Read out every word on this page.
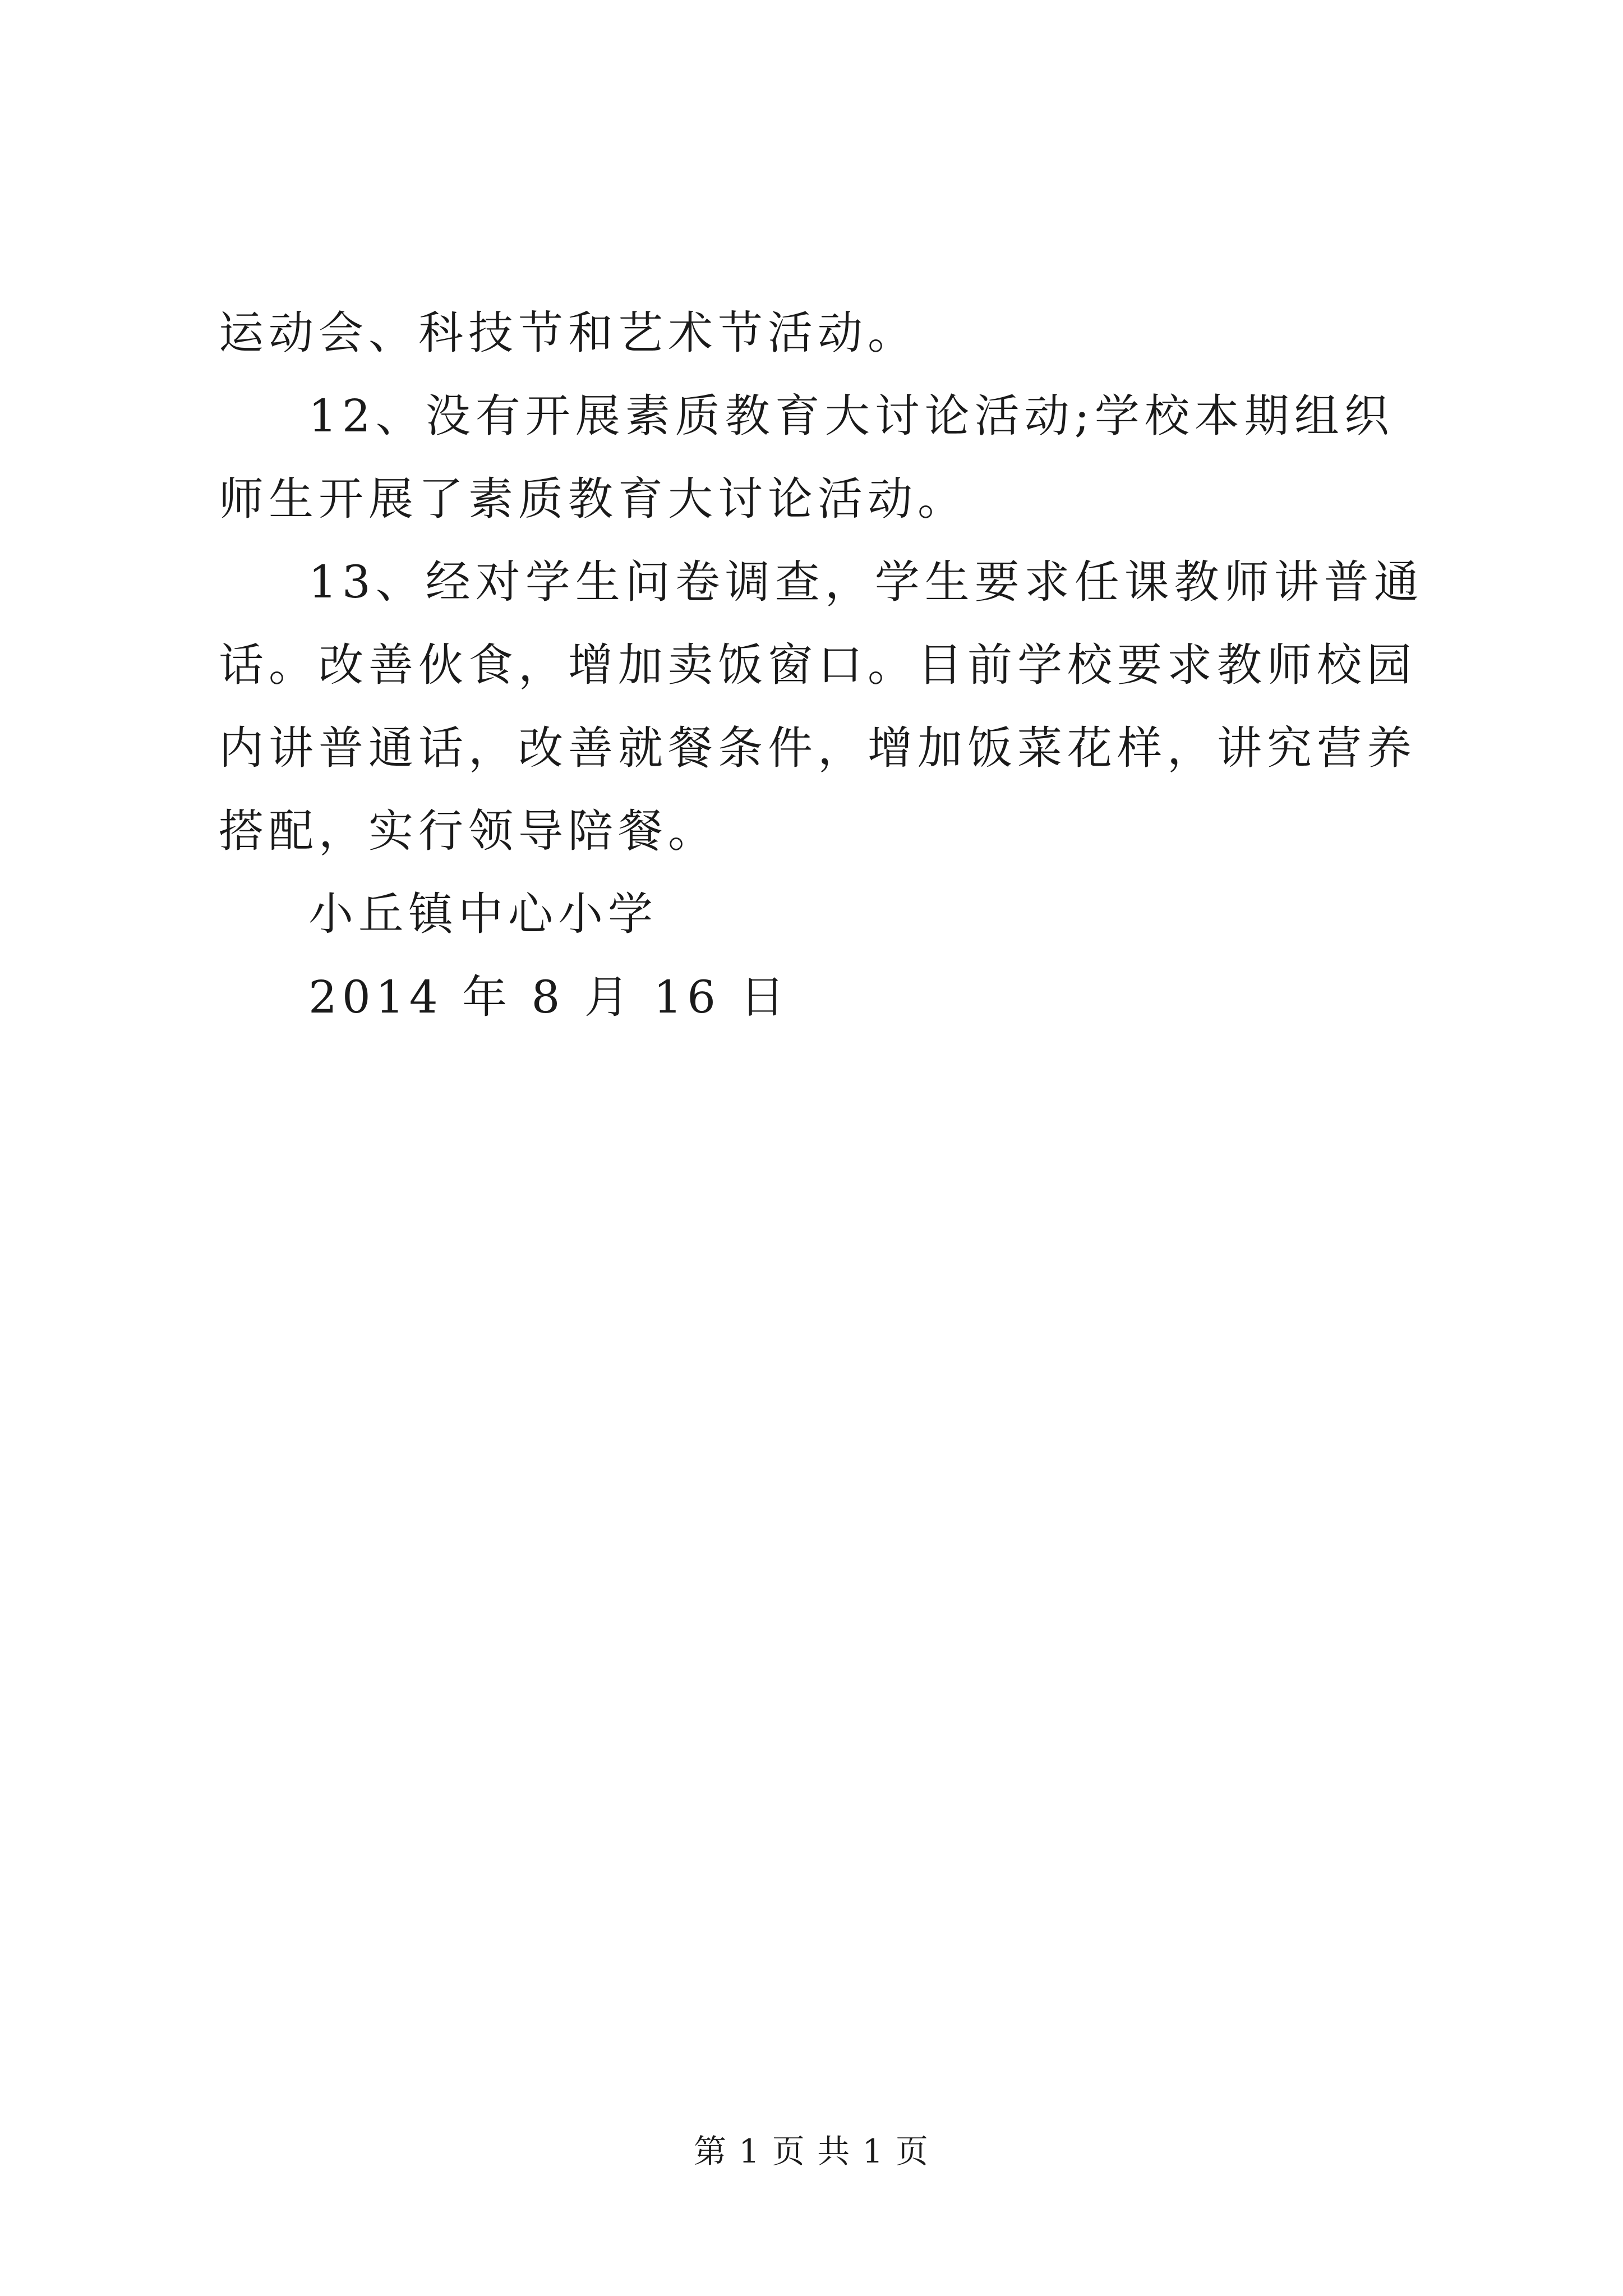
运动会、科技节和艺术节活动。

12、没有开展素质教育大讨论活动;学校本期组织师生开展了素质教育大讨论活动。

13、经对学生问卷调查，学生要求任课教师讲普通话。改善伙食，增加卖饭窗口。目前学校要求教师校园内讲普通话，改善就餐条件，增加饭菜花样，讲究营养搭配，实行领导陪餐。

小丘镇中心小学

2014 年 8 月 16 日

第 1 页 共 1 页
